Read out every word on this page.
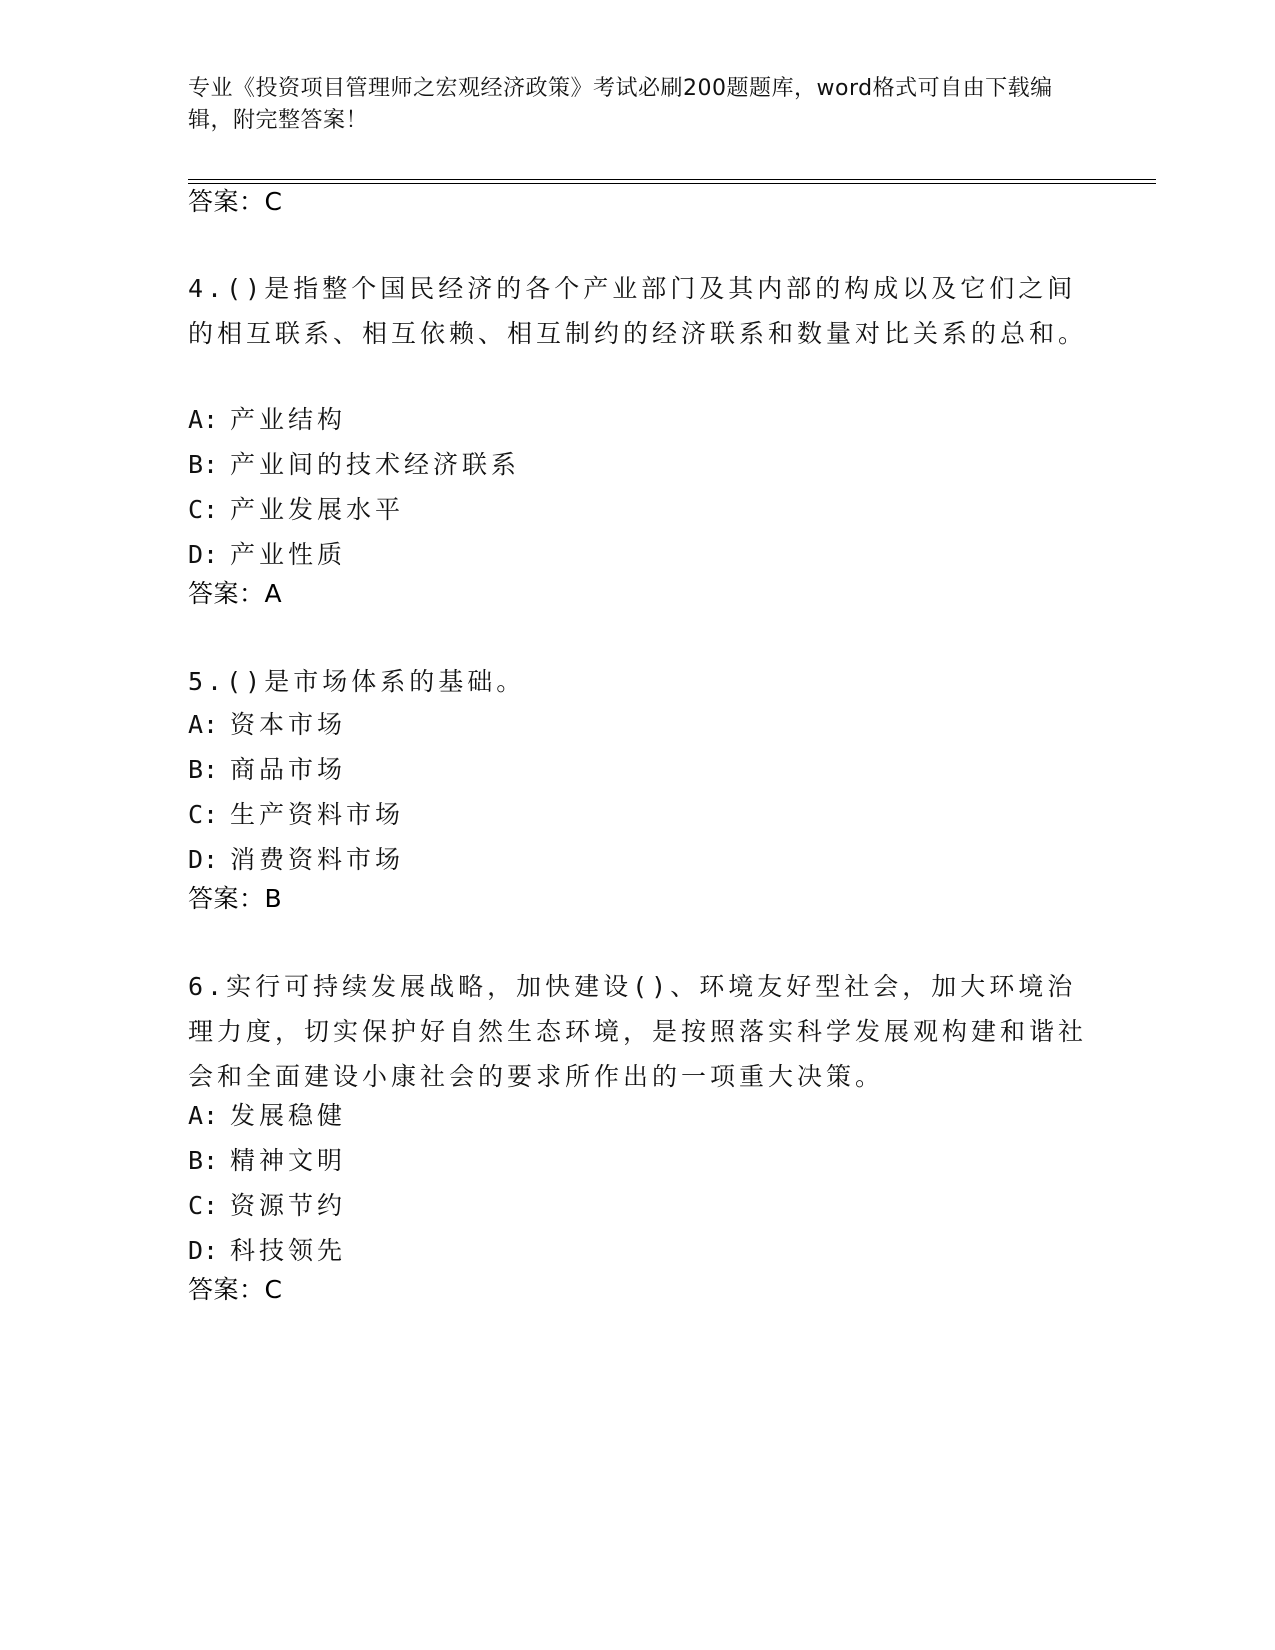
专业《投资项目管理师之宏观经济政策》考试必刷200题题库，word格式可自由下载编辑，附完整答案！
答案：C
4.()是指整个国民经济的各个产业部门及其内部的构成以及它们之间的相互联系、相互依赖、相互制约的经济联系和数量对比关系的总和。
A: 产业结构
B: 产业间的技术经济联系
C: 产业发展水平
D: 产业性质
答案：A
5.()是市场体系的基础。
A: 资本市场
B: 商品市场
C: 生产资料市场
D: 消费资料市场
答案：B
6.实行可持续发展战略，加快建设()、环境友好型社会，加大环境治理力度，切实保护好自然生态环境，是按照落实科学发展观构建和谐社会和全面建设小康社会的要求所作出的一项重大决策。
A: 发展稳健
B: 精神文明
C: 资源节约
D: 科技领先
答案：C
